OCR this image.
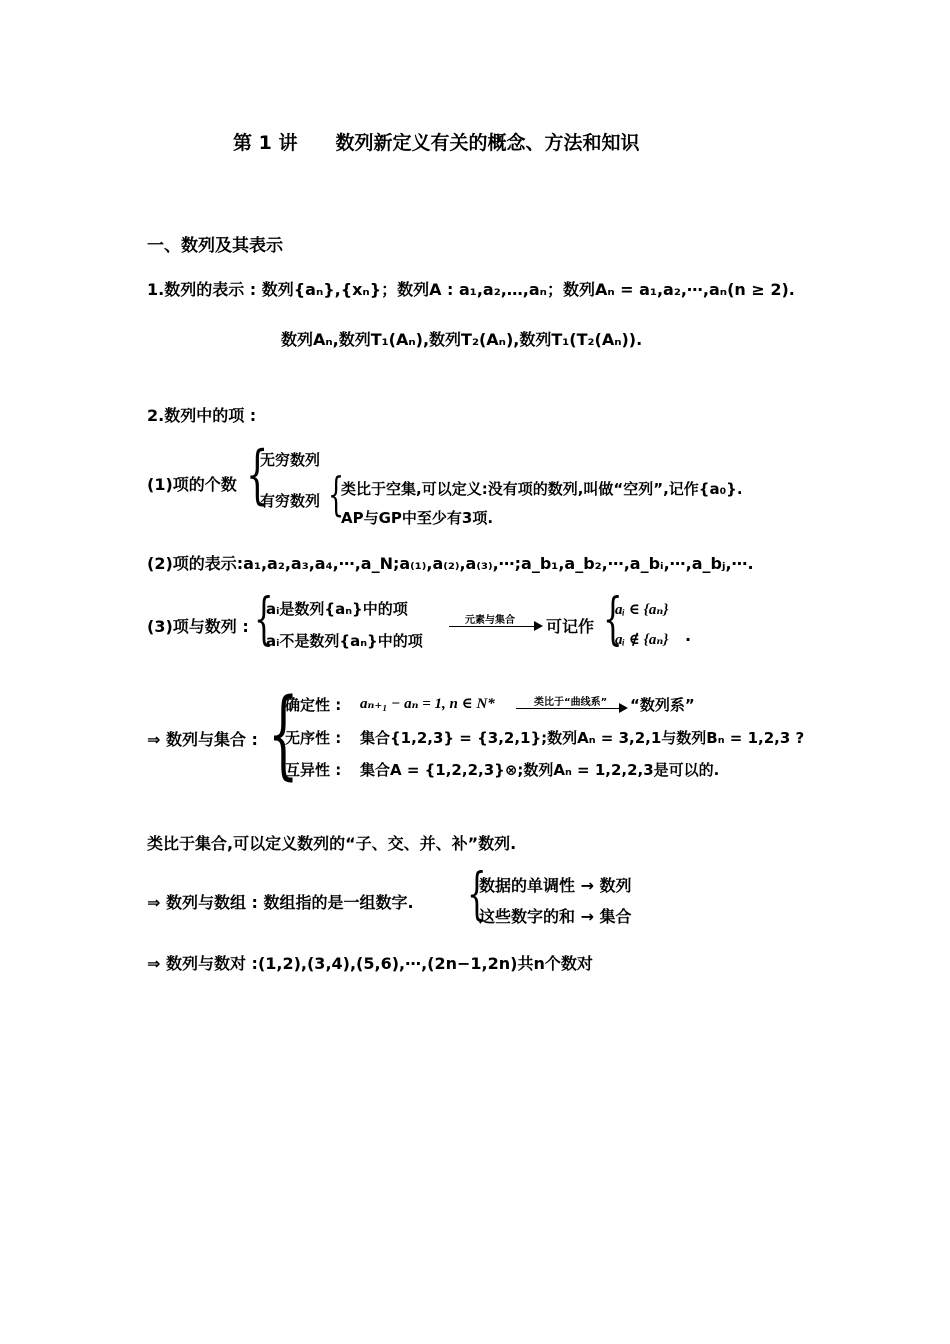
第 1 讲　　数列新定义有关的概念、方法和知识
一、数列及其表示
1.数列的表示 : 数列{aₙ},{xₙ}；数列A : a₁,a₂,…,aₙ；数列Aₙ = a₁,a₂,⋯,aₙ(n ≥ 2).
数列Aₙ,数列T₁(Aₙ),数列T₂(Aₙ),数列T₁(T₂(Aₙ)).
2.数列中的项 :
(1)项的个数 {
无穷数列
有穷数列 {
类比于空集,可以定义:没有项的数列,叫做“空列”,记作{a₀}.
AP与GP中至少有3项.
(2)项的表示:a₁,a₂,a₃,a₄,⋯,a_N;a₍₁₎,a₍₂₎,a₍₃₎,⋯;a_b₁,a_b₂,⋯,a_bᵢ,⋯,a_bⱼ,⋯.
(3)项与数列 : {
aᵢ是数列{aₙ}中的项
aᵢ不是数列{aₙ}中的项
元素与集合 可记作 {
aᵢ ∈ {aₙ}
aᵢ ∉ {aₙ} .
⇒ 数列与集合 : {
确定性 : aₙ₊₁ − aₙ = 1, n ∈ N*	类比于“曲线系” “数列系”
无序性 : 集合{1,2,3} = {3,2,1};数列Aₙ = 3,2,1与数列Bₙ = 1,2,3 ?
互异性 : 集合A = {1,2,2,3}⊗;数列Aₙ = 1,2,2,3是可以的.
类比于集合,可以定义数列的“子、交、并、补”数列.
⇒ 数列与数组 : 数组指的是一组数字. {
数据的单调性 → 数列
这些数字的和 → 集合
⇒ 数列与数对 :(1,2),(3,4),(5,6),⋯,(2n−1,2n)共n个数对
